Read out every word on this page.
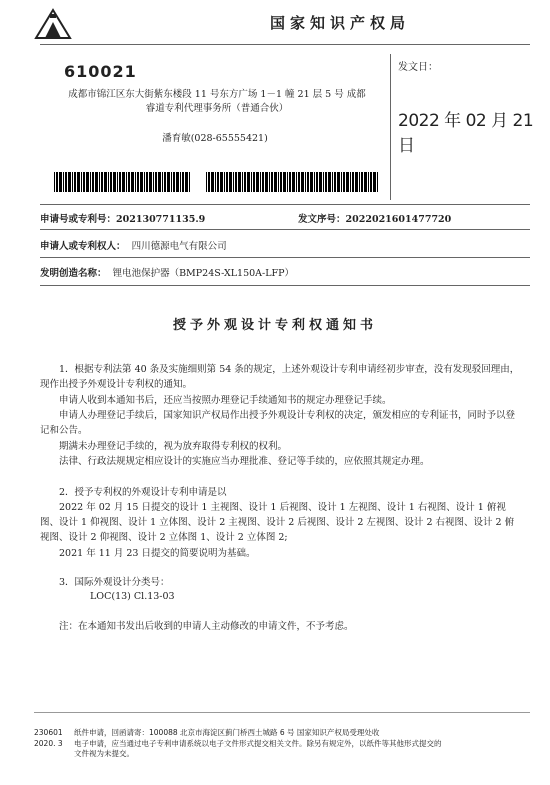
国家知识产权局
610021
成都市锦江区东大街紫东楼段 11 号东方广场 1－1 幢 21 层 5 号 成都
睿道专利代理事务所（普通合伙）
潘育敏(028-65555421)
发文日：
2022 年 02 月 21 日
申请号或专利号：202130771135.9	发文序号：2022021601477720
申请人或专利权人： 四川德源电气有限公司
发明创造名称： 锂电池保护器（BMP24S-XL150A-LFP）
授予外观设计专利权通知书
1．根据专利法第 40 条及实施细则第 54 条的规定，上述外观设计专利申请经初步审查，没有发现驳回理由，现作出授予外观设计专利权的通知。
申请人收到本通知书后，还应当按照办理登记手续通知书的规定办理登记手续。
申请人办理登记手续后，国家知识产权局作出授予外观设计专利权的决定，颁发相应的专利证书，同时予以登记和公告。
期满未办理登记手续的，视为放弃取得专利权的权利。
法律、行政法规规定相应设计的实施应当办理批准、登记等手续的，应依照其规定办理。
2．授予专利权的外观设计专利申请是以
2022 年 02 月 15 日提交的设计 1 主视图、设计 1 后视图、设计 1 左视图、设计 1 右视图、设计 1 俯视图、设计 1 仰视图、设计 1 立体图、设计 2 主视图、设计 2 后视图、设计 2 左视图、设计 2 右视图、设计 2 俯视图、设计 2 仰视图、设计 2 立体图 1、设计 2 立体图 2;
2021 年 11 月 23 日提交的简要说明为基础。
3．国际外观设计分类号：
LOC(13) Cl.13-03
注：在本通知书发出后收到的申请人主动修改的申请文件，不予考虑。
230601
2020. 3
纸件申请，回函请寄：100088 北京市海淀区蓟门桥西土城路 6 号 国家知识产权局受理处收
电子申请，应当通过电子专利申请系统以电子文件形式提交相关文件。除另有规定外，以纸件等其他形式提交的
文件视为未提交。
